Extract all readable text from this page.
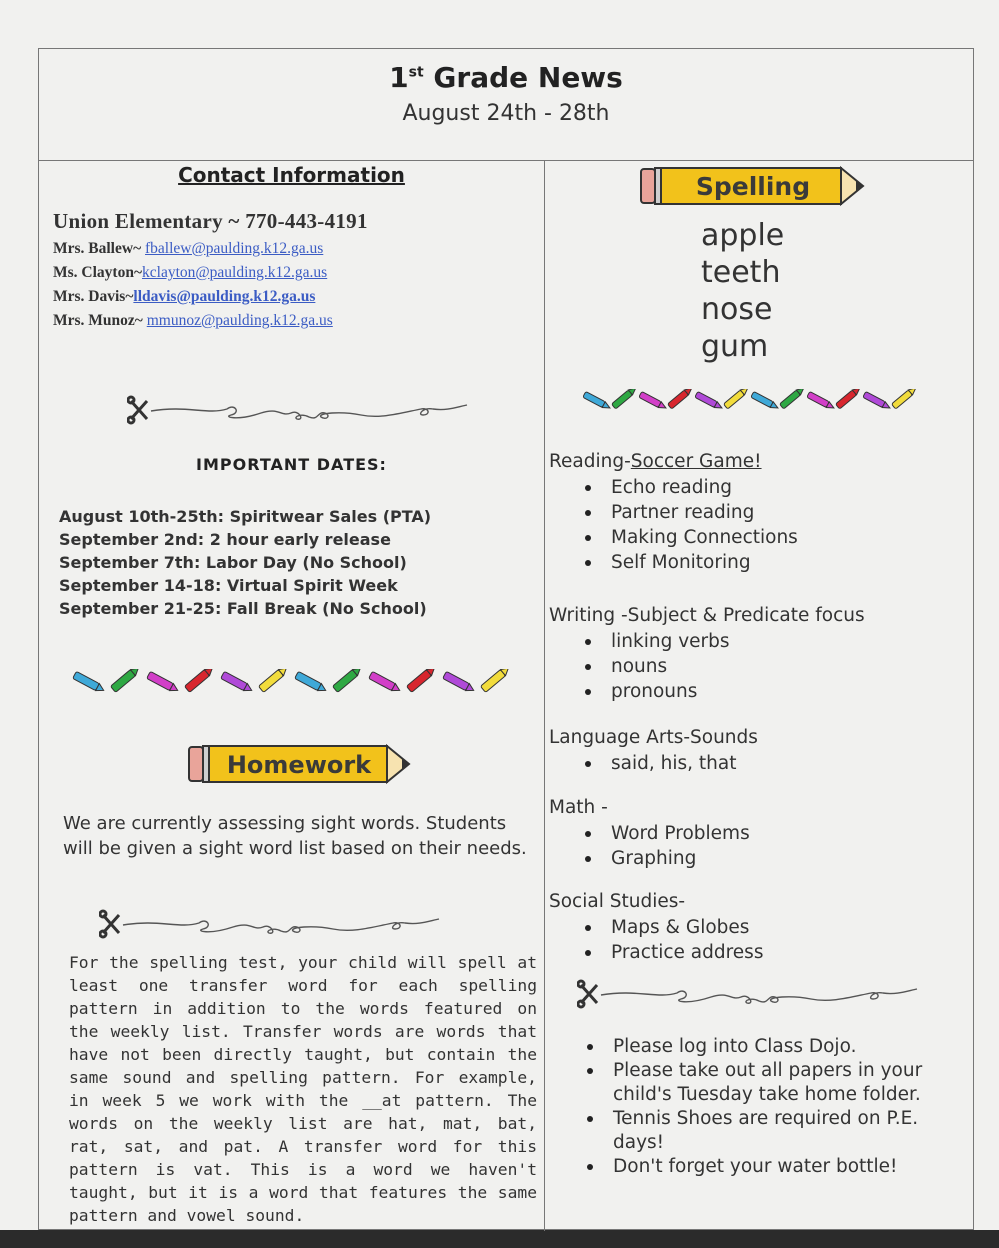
1st Grade News
August 24th - 28th
Contact Information
Union Elementary ~ 770-443-4191
Mrs. Ballew~ fballew@paulding.k12.ga.us
Ms. Clayton~kclayton@paulding.k12.ga.us
Mrs. Davis~lldavis@paulding.k12.ga.us
Mrs. Munoz~ mmunoz@paulding.k12.ga.us
IMPORTANT DATES:
August 10th-25th: Spiritwear Sales (PTA)
September 2nd: 2 hour early release
September 7th: Labor Day (No School)
September 14-18: Virtual Spirit Week
September 21-25: Fall Break (No School)
Homework
We are currently assessing sight words. Students will be given a sight word list based on their needs.
For the spelling test, your child will spell at least one transfer word for each spelling pattern in addition to the words featured on the weekly list. Transfer words are words that have not been directly taught, but contain the same sound and spelling pattern. For example, in week 5 we work with the __at pattern. The words on the weekly list are hat, mat, bat, rat, sat, and pat. A transfer word for this pattern is vat. This is a word we haven't taught, but it is a word that features the same pattern and vowel sound.
Spelling
apple
teeth
nose
gum
Reading-Soccer Game!
Echo reading
Partner reading
Making Connections
Self Monitoring
Writing -Subject & Predicate focus
linking verbs
nouns
pronouns
Language Arts-Sounds
said, his, that
Math -
Word Problems
Graphing
Social Studies-
Maps & Globes
Practice address
Please log into Class Dojo.
Please take out all papers in your child's Tuesday take home folder.
Tennis Shoes are required on P.E. days!
Don't forget your water bottle!
